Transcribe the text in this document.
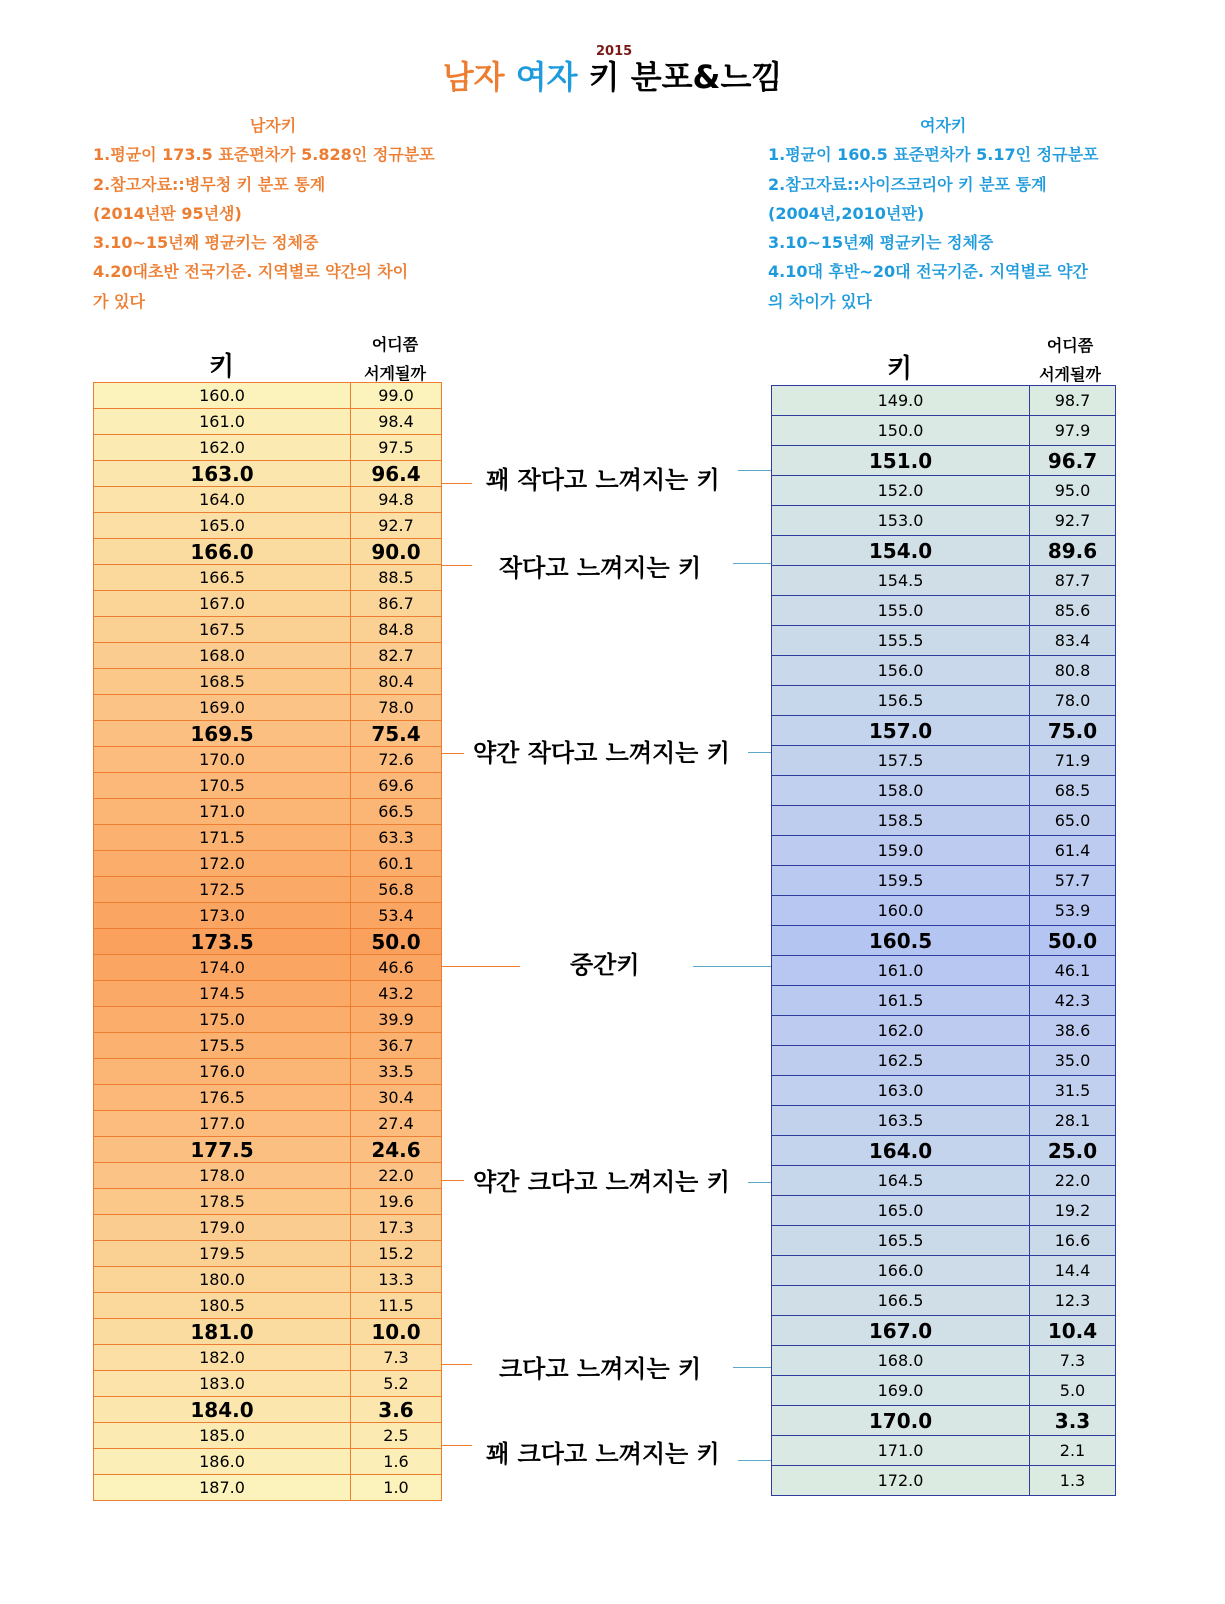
남자 여자 키 분포&느낌
2015
남자키
1.평균이 173.5 표준편차가 5.828인 정규분포
2.참고자료::병무청 키 분포 통계
(2014년판 95년생)
3.10~15년째 평균키는 정체중
4.20대초반 전국기준. 지역별로 약간의 차이
가 있다
여자키
1.평균이 160.5 표준편차가 5.17인 정규분포
2.참고자료::사이즈코리아 키 분포 통계
(2004년,2010년판)
3.10~15년째 평균키는 정체중
4.10대 후반~20대 전국기준. 지역별로 약간
의 차이가 있다
키
어디쯤
서게될까	키
어디쯤
서게될까
160.0	99.0
161.0	98.4
162.0	97.5
163.0	96.4
164.0	94.8
165.0	92.7
166.0	90.0
166.5	88.5
167.0	86.7
167.5	84.8
168.0	82.7
168.5	80.4
169.0	78.0
169.5	75.4
170.0	72.6
170.5	69.6
171.0	66.5
171.5	63.3
172.0	60.1
172.5	56.8
173.0	53.4
173.5	50.0
174.0	46.6
174.5	43.2
175.0	39.9
175.5	36.7
176.0	33.5
176.5	30.4
177.0	27.4
177.5	24.6
178.0	22.0
178.5	19.6
179.0	17.3
179.5	15.2
180.0	13.3
180.5	11.5
181.0	10.0
182.0	7.3
183.0	5.2
184.0	3.6
185.0	2.5
186.0	1.6
187.0	1.0
149.0	98.7
150.0	97.9
151.0	96.7
152.0	95.0
153.0	92.7
154.0	89.6
154.5	87.7
155.0	85.6
155.5	83.4
156.0	80.8
156.5	78.0
157.0	75.0
157.5	71.9
158.0	68.5
158.5	65.0
159.0	61.4
159.5	57.7
160.0	53.9
160.5	50.0
161.0	46.1
161.5	42.3
162.0	38.6
162.5	35.0
163.0	31.5
163.5	28.1
164.0	25.0
164.5	22.0
165.0	19.2
165.5	16.6
166.0	14.4
166.5	12.3
167.0	10.4
168.0	7.3
169.0	5.0
170.0	3.3
171.0	2.1
172.0	1.3
꽤 작다고 느껴지는 키
작다고 느껴지는 키
약간 작다고 느껴지는 키
중간키
약간 크다고 느껴지는 키
크다고 느껴지는 키
꽤 크다고 느껴지는 키
